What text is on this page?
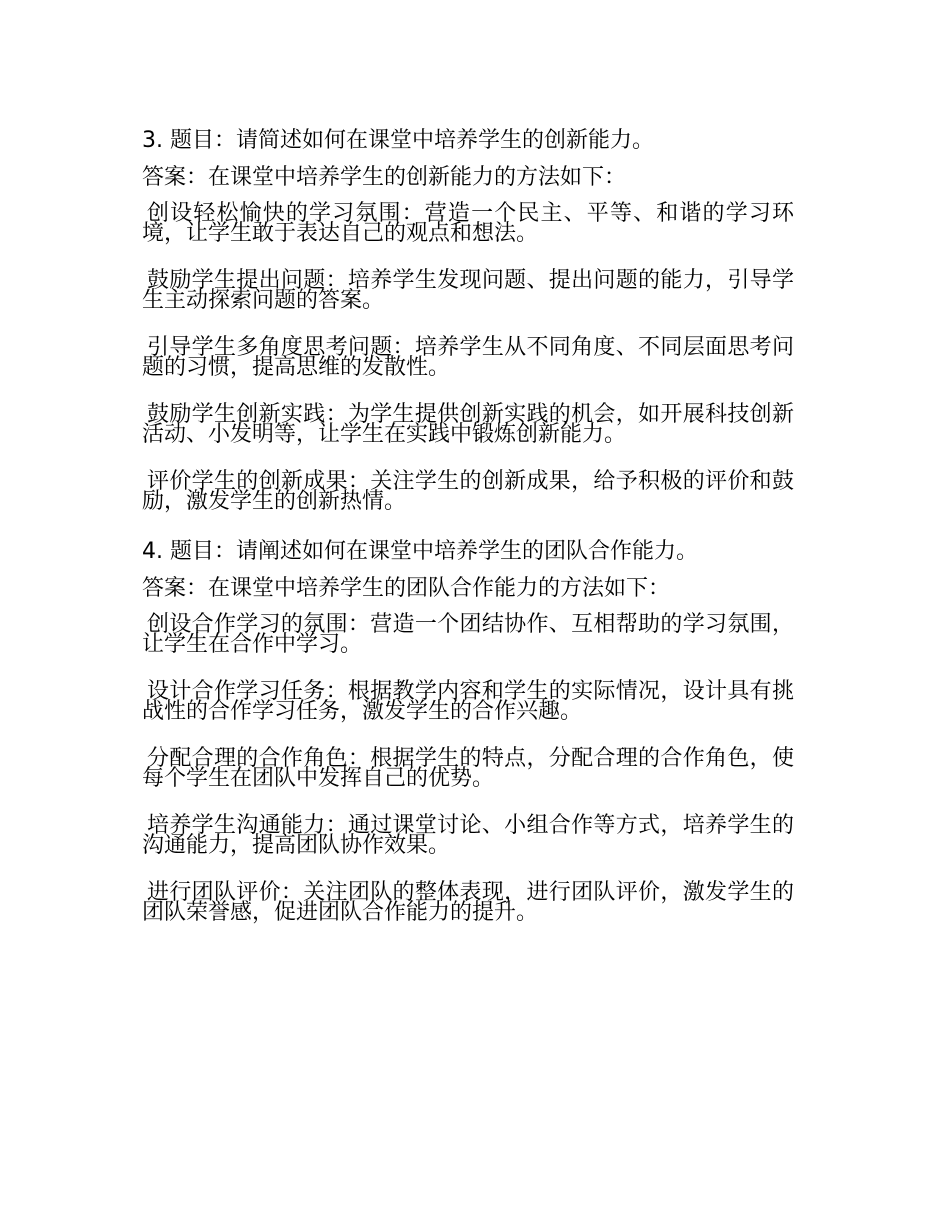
3. 题目：请简述如何在课堂中培养学生的创新能力。
答案：在课堂中培养学生的创新能力的方法如下：
创设轻松愉快的学习氛围：营造一个民主、平等、和谐的学习环境，让学生敢于表达自己的观点和想法。
鼓励学生提出问题：培养学生发现问题、提出问题的能力，引导学生主动探索问题的答案。
引导学生多角度思考问题：培养学生从不同角度、不同层面思考问题的习惯，提高思维的发散性。
鼓励学生创新实践：为学生提供创新实践的机会，如开展科技创新活动、小发明等，让学生在实践中锻炼创新能力。
评价学生的创新成果：关注学生的创新成果，给予积极的评价和鼓励，激发学生的创新热情。
4. 题目：请阐述如何在课堂中培养学生的团队合作能力。
答案：在课堂中培养学生的团队合作能力的方法如下：
创设合作学习的氛围：营造一个团结协作、互相帮助的学习氛围，让学生在合作中学习。
设计合作学习任务：根据教学内容和学生的实际情况，设计具有挑战性的合作学习任务，激发学生的合作兴趣。
分配合理的合作角色：根据学生的特点，分配合理的合作角色，使每个学生在团队中发挥自己的优势。
培养学生沟通能力：通过课堂讨论、小组合作等方式，培养学生的沟通能力，提高团队协作效果。
进行团队评价：关注团队的整体表现，进行团队评价，激发学生的团队荣誉感，促进团队合作能力的提升。
